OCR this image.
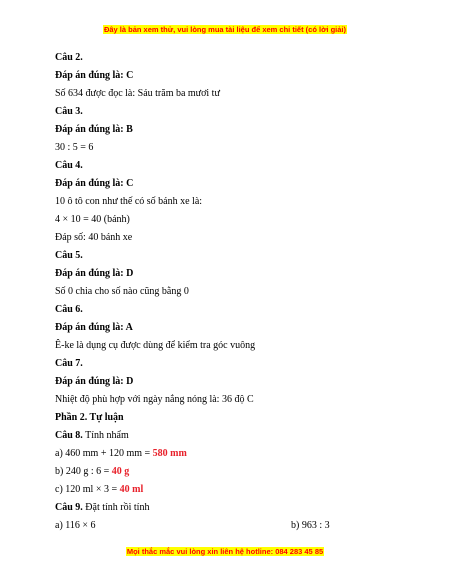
Đây là bản xem thử, vui lòng mua tài liệu để xem chi tiết (có lời giải)
Câu 2.
Đáp án đúng là: C
Số 634 được đọc là: Sáu trăm ba mươi tư
Câu 3.
Đáp án đúng là: B
30 : 5 = 6
Câu 4.
Đáp án đúng là: C
10 ô tô con như thế có số bánh xe là:
4 × 10 = 40 (bánh)
Đáp số: 40 bánh xe
Câu 5.
Đáp án đúng là: D
Số 0 chia cho số nào cũng bằng 0
Câu 6.
Đáp án đúng là: A
Ê-ke là dụng cụ được dùng để kiểm tra góc vuông
Câu 7.
Đáp án đúng là: D
Nhiệt độ phù hợp với ngày nắng nóng là: 36 độ C
Phần 2. Tự luận
Câu 8. Tính nhẩm
a) 460 mm + 120 mm = 580 mm
b) 240 g : 6 = 40 g
c) 120 ml × 3 = 40 ml
Câu 9. Đặt tính rồi tính
a) 116 × 6	b) 963 : 3
Mọi thắc mắc vui lòng xin liên hệ hotline: 084 283 45 85
